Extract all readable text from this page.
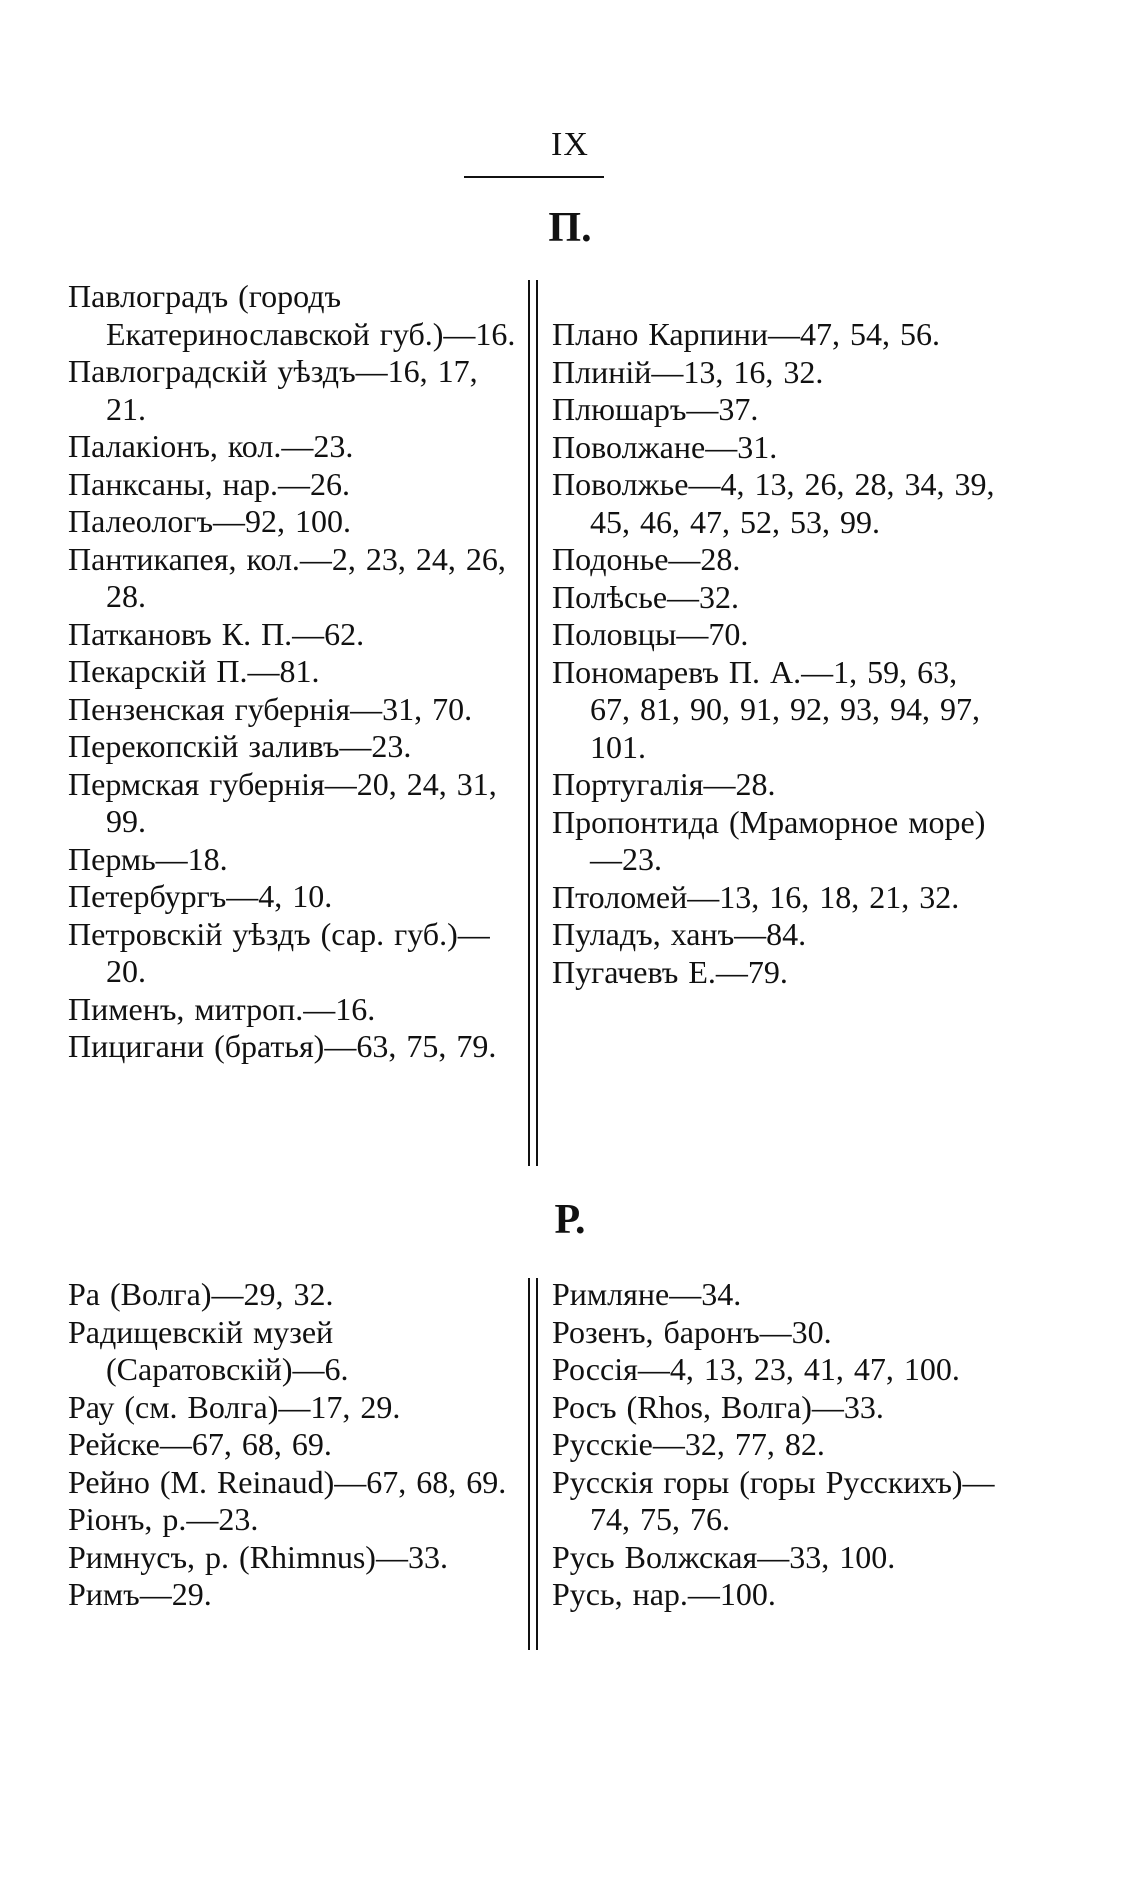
IX
П.
Павлоградъ (городъ Екатеринославской губ.)—16.
Павлоградскій уѣздъ—16, 17, 21.
Палакіонъ, кол.—23.
Панксаны, нар.—26.
Палеологъ—92, 100.
Пантикапея, кол.—2, 23, 24, 26, 28.
Паткановъ К. П.—62.
Пекарскій П.—81.
Пензенская губернія—31, 70.
Перекопскій заливъ—23.
Пермская губернія—20, 24, 31, 99.
Пермь—18.
Петербургъ—4, 10.
Петровскій уѣздъ (сар. губ.)—20.
Пименъ, митроп.—16.
Пицигани (братья)—63, 75, 79.
Плано Карпини—47, 54, 56.
Плиній—13, 16, 32.
Плюшаръ—37.
Поволжане—31.
Поволжье—4, 13, 26, 28, 34, 39, 45, 46, 47, 52, 53, 99.
Подонье—28.
Полѣсье—32.
Половцы—70.
Пономаревъ П. А.—1, 59, 63, 67, 81, 90, 91, 92, 93, 94, 97, 101.
Португалія—28.
Пропонтида (Мраморное море)—23.
Птоломей—13, 16, 18, 21, 32.
Пуладъ, ханъ—84.
Пугачевъ Е.—79.
Р.
Ра (Волга)—29, 32.
Радищевскій музей (Саратовскій)—6.
Рау (см. Волга)—17, 29.
Рейске—67, 68, 69.
Рейно (M. Reinaud)—67, 68, 69.
Ріонъ, р.—23.
Римнусъ, р. (Rhimnus)—33.
Римъ—29.
Римляне—34.
Розенъ, баронъ—30.
Россія—4, 13, 23, 41, 47, 100.
Росъ (Rhos, Волга)—33.
Русскіе—32, 77, 82.
Русскія горы (горы Русскихъ)—74, 75, 76.
Русь Волжская—33, 100.
Русь, нар.—100.
